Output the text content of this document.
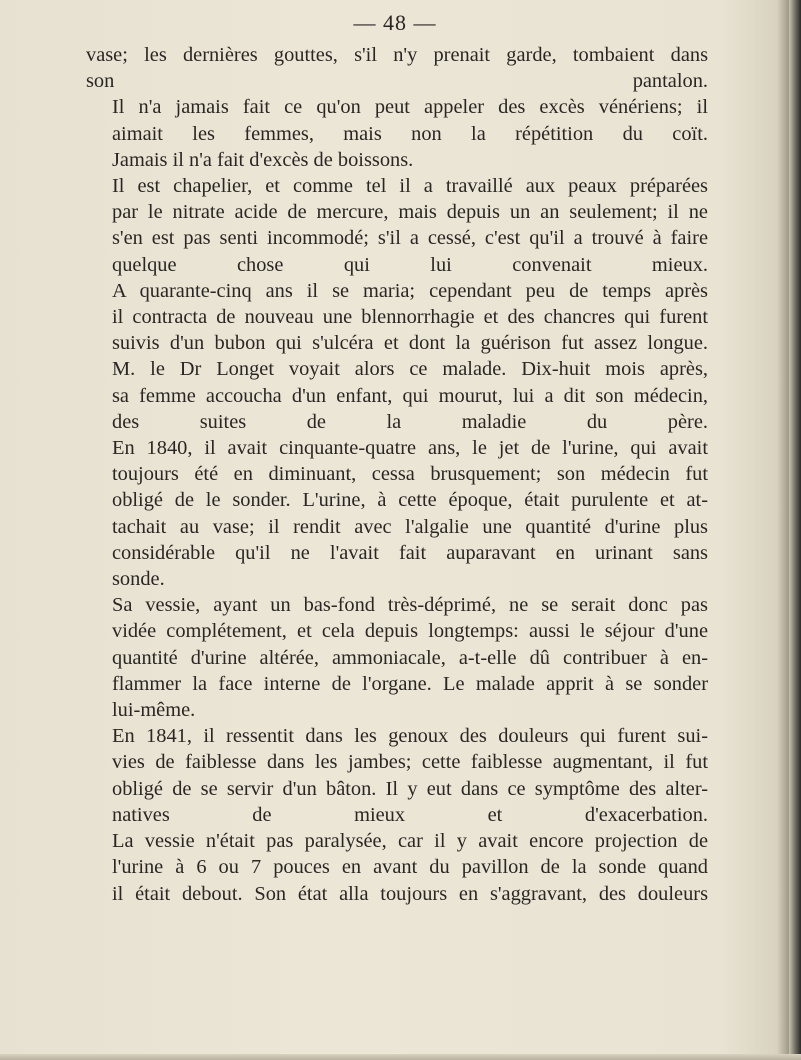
— 48 —

vase; les dernières gouttes, s'il n'y prenait garde, tombaient dans
son pantalon.

Il n'a jamais fait ce qu'on peut appeler des excès vénériens; il
aimait les femmes, mais non la répétition du coït.

Jamais il n'a fait d'excès de boissons.

Il est chapelier, et comme tel il a travaillé aux peaux préparées
par le nitrate acide de mercure, mais depuis un an seulement; il ne
s'en est pas senti incommodé; s'il a cessé, c'est qu'il a trouvé à faire
quelque chose qui lui convenait mieux.

A quarante-cinq ans il se maria; cependant peu de temps après
il contracta de nouveau une blennorrhagie et des chancres qui furent
suivis d'un bubon qui s'ulcéra et dont la guérison fut assez longue.
M. le Dr Longet voyait alors ce malade. Dix-huit mois après,
sa femme accoucha d'un enfant, qui mourut, lui a dit son médecin,
des suites de la maladie du père.

En 1840, il avait cinquante-quatre ans, le jet de l'urine, qui avait
toujours été en diminuant, cessa brusquement; son médecin fut
obligé de le sonder. L'urine, à cette époque, était purulente et at-
tachait au vase; il rendit avec l'algalie une quantité d'urine plus
considérable qu'il ne l'avait fait auparavant en urinant sans
sonde.

Sa vessie, ayant un bas-fond très-déprimé, ne se serait donc pas
vidée complétement, et cela depuis longtemps: aussi le séjour d'une
quantité d'urine altérée, ammoniacale, a-t-elle dû contribuer à en-
flammer la face interne de l'organe. Le malade apprit à se sonder
lui-même.

En 1841, il ressentit dans les genoux des douleurs qui furent sui-
vies de faiblesse dans les jambes; cette faiblesse augmentant, il fut
obligé de se servir d'un bâton. Il y eut dans ce symptôme des alter-
natives de mieux et d'exacerbation.

La vessie n'était pas paralysée, car il y avait encore projection de
l'urine à 6 ou 7 pouces en avant du pavillon de la sonde quand
il était debout. Son état alla toujours en s'aggravant, des douleurs
